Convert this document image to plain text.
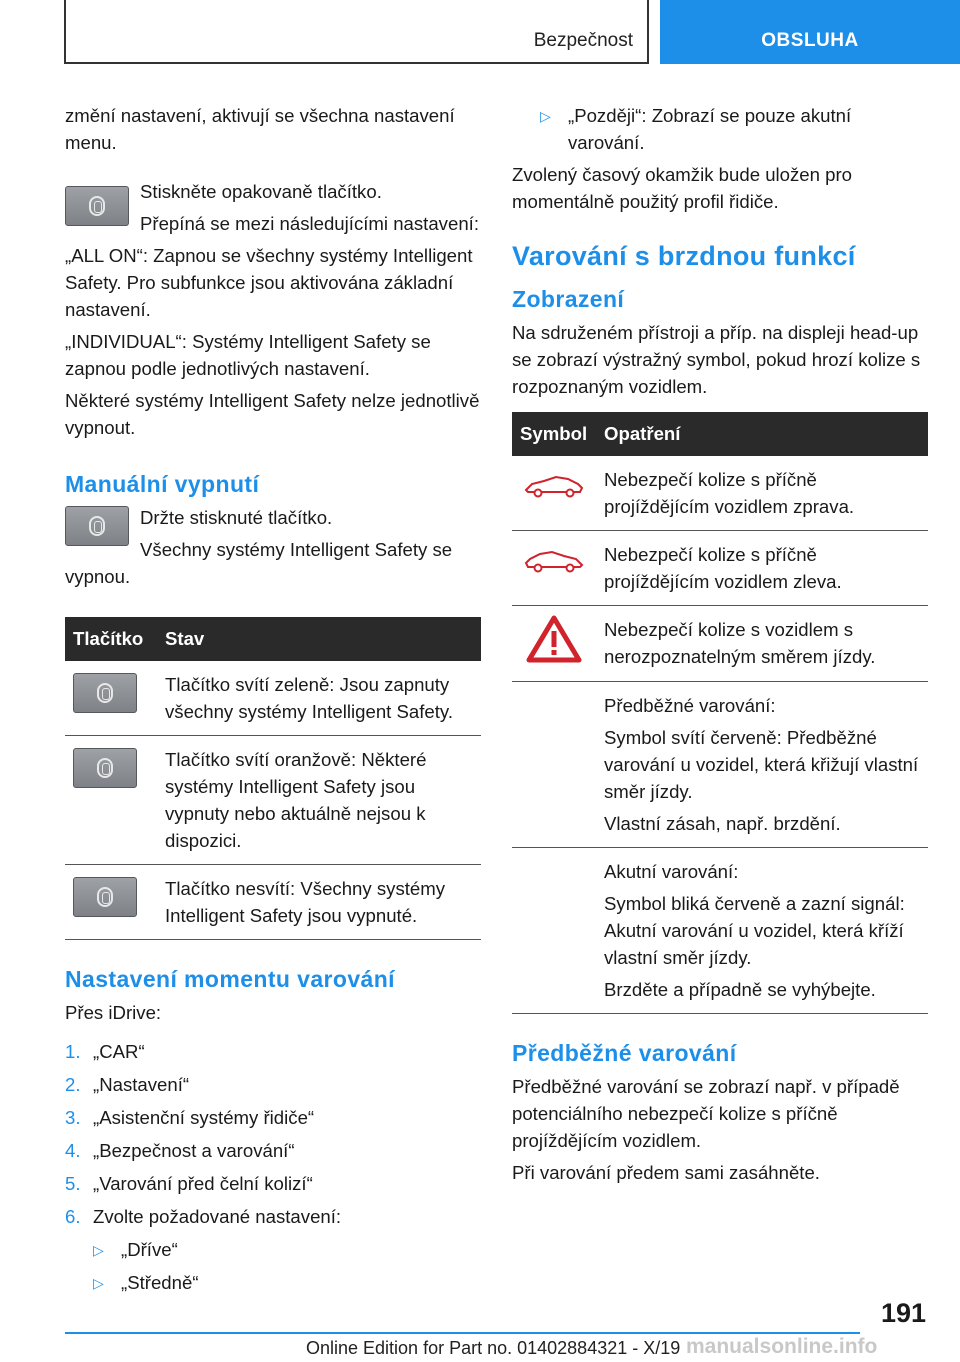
Bezpečnost	OBSLUHA

změní nastavení, aktivují se všechna nastavení menu.

Stiskněte opakovaně tlačítko.

Přepíná se mezi následujícími nastavení:

„ALL ON“: Zapnou se všechny systémy Intelligent Safety. Pro subfunkce jsou aktivována základní nastavení.

„INDIVIDUAL“: Systémy Intelligent Safety se zapnou podle jednotlivých nastavení.

Některé systémy Intelligent Safety nelze jednotlivě vypnout.

Manuální vypnutí

Držte stisknuté tlačítko.

Všechny systémy Intelligent Safety se vypnou.

Tlačítko	Stav

	Tlačítko svítí zeleně: Jsou zapnuty všechny systémy Intelligent Safety.

	Tlačítko svítí oranžově: Některé systémy Intelligent Safety jsou vypnuty nebo aktuálně nejsou k dispozici.

	Tlačítko nesvítí: Všechny systémy Intelligent Safety jsou vypnuté.
Nastavení momentu varování

Přes iDrive:

1. „CAR“
2. „Nastavení“
3. „Asistenční systémy řidiče“
4. „Bezpečnost a varování“
5. „Varování před čelní kolizí“
6. Zvolte požadované nastavení:
▷ „Dříve“
▷ „Středně“
▷ „Později“: Zobrazí se pouze akutní varování.

Zvolený časový okamžik bude uložen pro momentálně použitý profil řidiče.

Varování s brzdnou funkcí
Zobrazení

Na sdruženém přístroji a příp. na displeji head-up se zobrazí výstražný symbol, pokud hrozí kolize s rozpoznaným vozidlem.

Symbol	Opatření
	Nebezpečí kolize s příčně projíždějícím vozidlem zprava.
	Nebezpečí kolize s příčně projíždějícím vozidlem zleva.
	Nebezpečí kolize s vozidlem s nerozpoznatelným směrem jízdy.

	Předběžné varování:

Symbol svítí červeně: Předběžné varování u vozidel, která křižují vlastní směr jízdy.

Vlastní zásah, např. brzdění.

	Akutní varování:

Symbol bliká červeně a zazní signál: Akutní varování u vozidel, která kříží vlastní směr jízdy.

Brzděte a případně se vyhýbejte.

Předběžné varování

Předběžné varování se zobrazí např. v případě potenciálního nebezpečí kolize s příčně projíždějícím vozidlem.

Při varování předem sami zasáhněte.

191
Online Edition for Part no. 01402884321 - X/19 manualsonline.info
